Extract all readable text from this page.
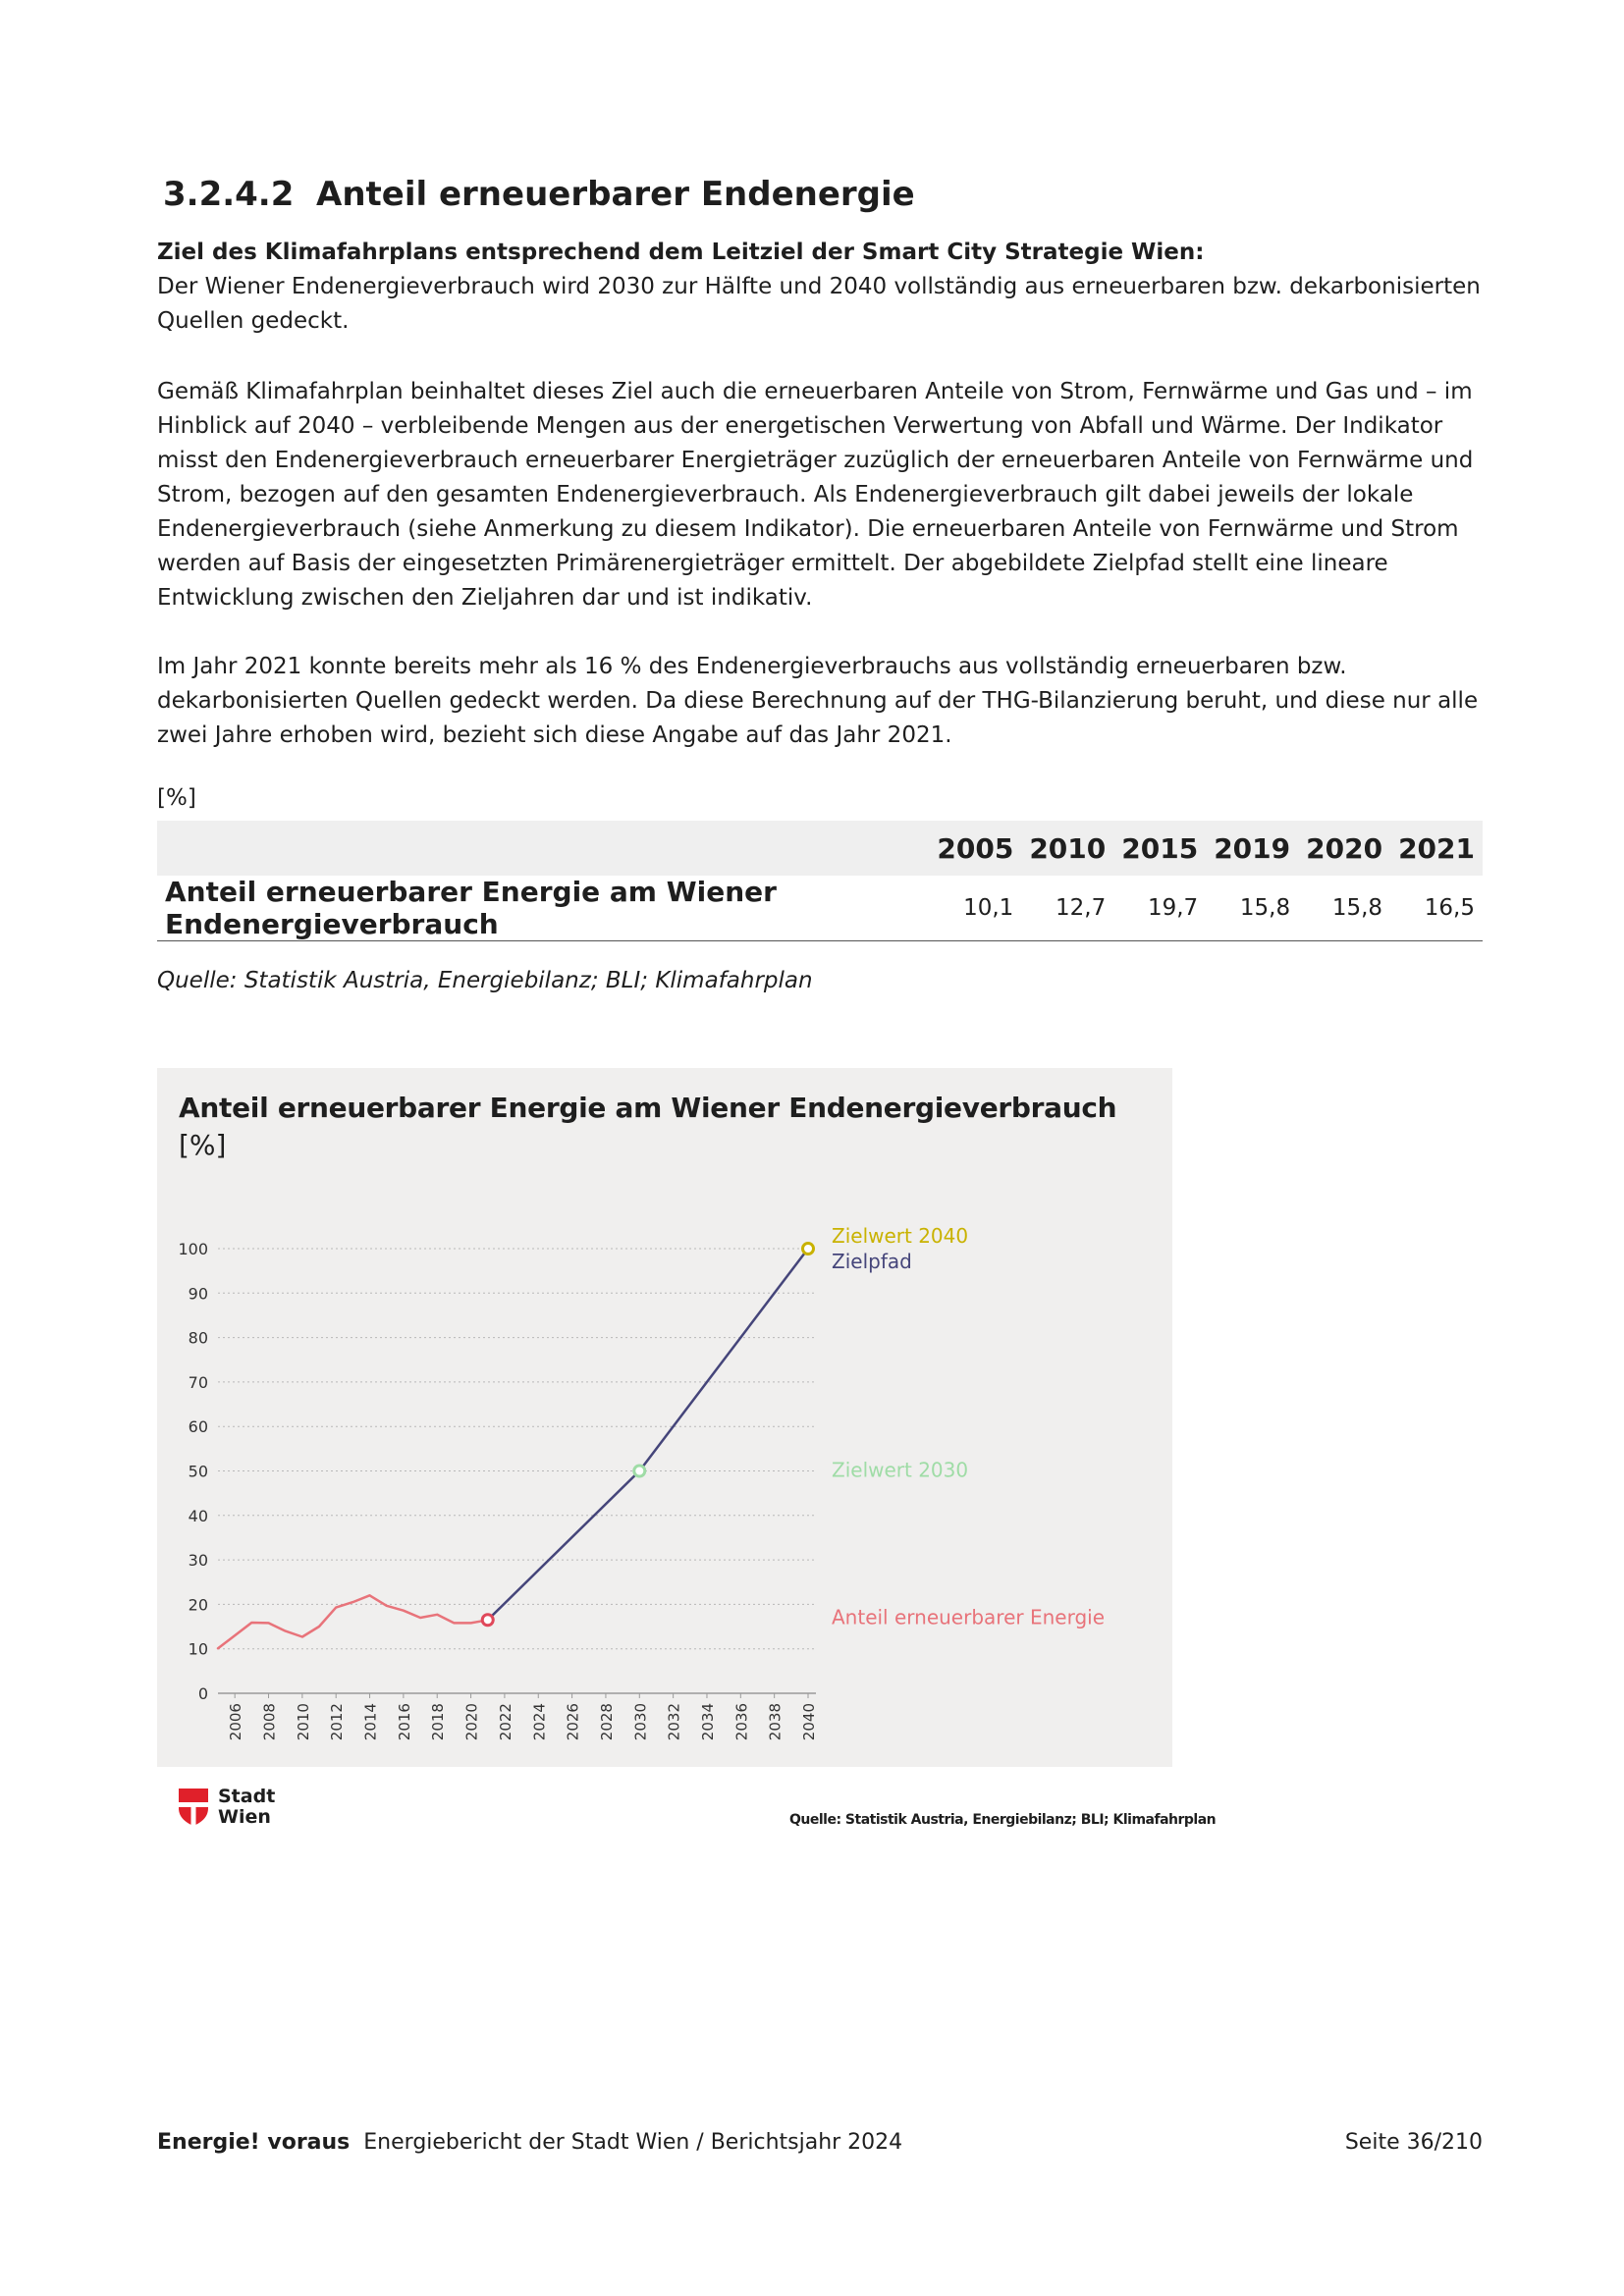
3.2.4.2 Anteil erneuerbarer Endenergie

Ziel des Klimafahrplans entsprechend dem Leitziel der Smart City Strategie Wien:
Der Wiener Endenergieverbrauch wird 2030 zur Hälfte und 2040 vollständig aus erneuerbaren bzw. dekarbonisierten Quellen gedeckt.

Gemäß Klimafahrplan beinhaltet dieses Ziel auch die erneuerbaren Anteile von Strom, Fernwärme und Gas und – im Hinblick auf 2040 – verbleibende Mengen aus der energetischen Verwertung von Abfall und Wärme. Der Indikator misst den Endenergieverbrauch erneuerbarer Energieträger zuzüglich der erneuerbaren Anteile von Fernwärme und Strom, bezogen auf den gesamten Endenergieverbrauch. Als Endenergieverbrauch gilt dabei jeweils der lokale Endenergieverbrauch (siehe Anmerkung zu diesem Indikator). Die erneuerbaren Anteile von Fernwärme und Strom werden auf Basis der eingesetzten Primärenergieträger ermittelt. Der abgebildete Zielpfad stellt eine lineare Entwicklung zwischen den Zieljahren dar und ist indikativ.

Im Jahr 2021 konnte bereits mehr als 16 % des Endenergieverbrauchs aus vollständig erneuerbaren bzw. dekarbonisierten Quellen gedeckt werden. Da diese Berechnung auf der THG-Bilanzierung beruht, und diese nur alle zwei Jahre erhoben wird, bezieht sich diese Angabe auf das Jahr 2021.

[%]
	2005	2010	2015	2019	2020	2021
Anteil erneuerbarer Energie am Wiener Endenergieverbrauch	10,1	12,7	19,7	15,8	15,8	16,5
Quelle: Statistik Austria, Energiebilanz; BLI; Klimafahrplan
Anteil erneuerbarer Energie am Wiener Endenergieverbrauch
[%]
0
10
20
30
40
50
60
70
80
90
100
2006 2008 2010 2012 2014 2016 2018 2020 2022 2024 2026 2028 2030 2032 2034 2036 2038 2040
Zielwert 2040
Zielpfad
Zielwert 2030
Anteil erneuerbarer Energie
Stadt
Wien	Quelle: Statistik Austria, Energiebilanz; BLI; Klimafahrplan
Energie! voraus Energiebericht der Stadt Wien / Berichtsjahr 2024	Seite 36/210
